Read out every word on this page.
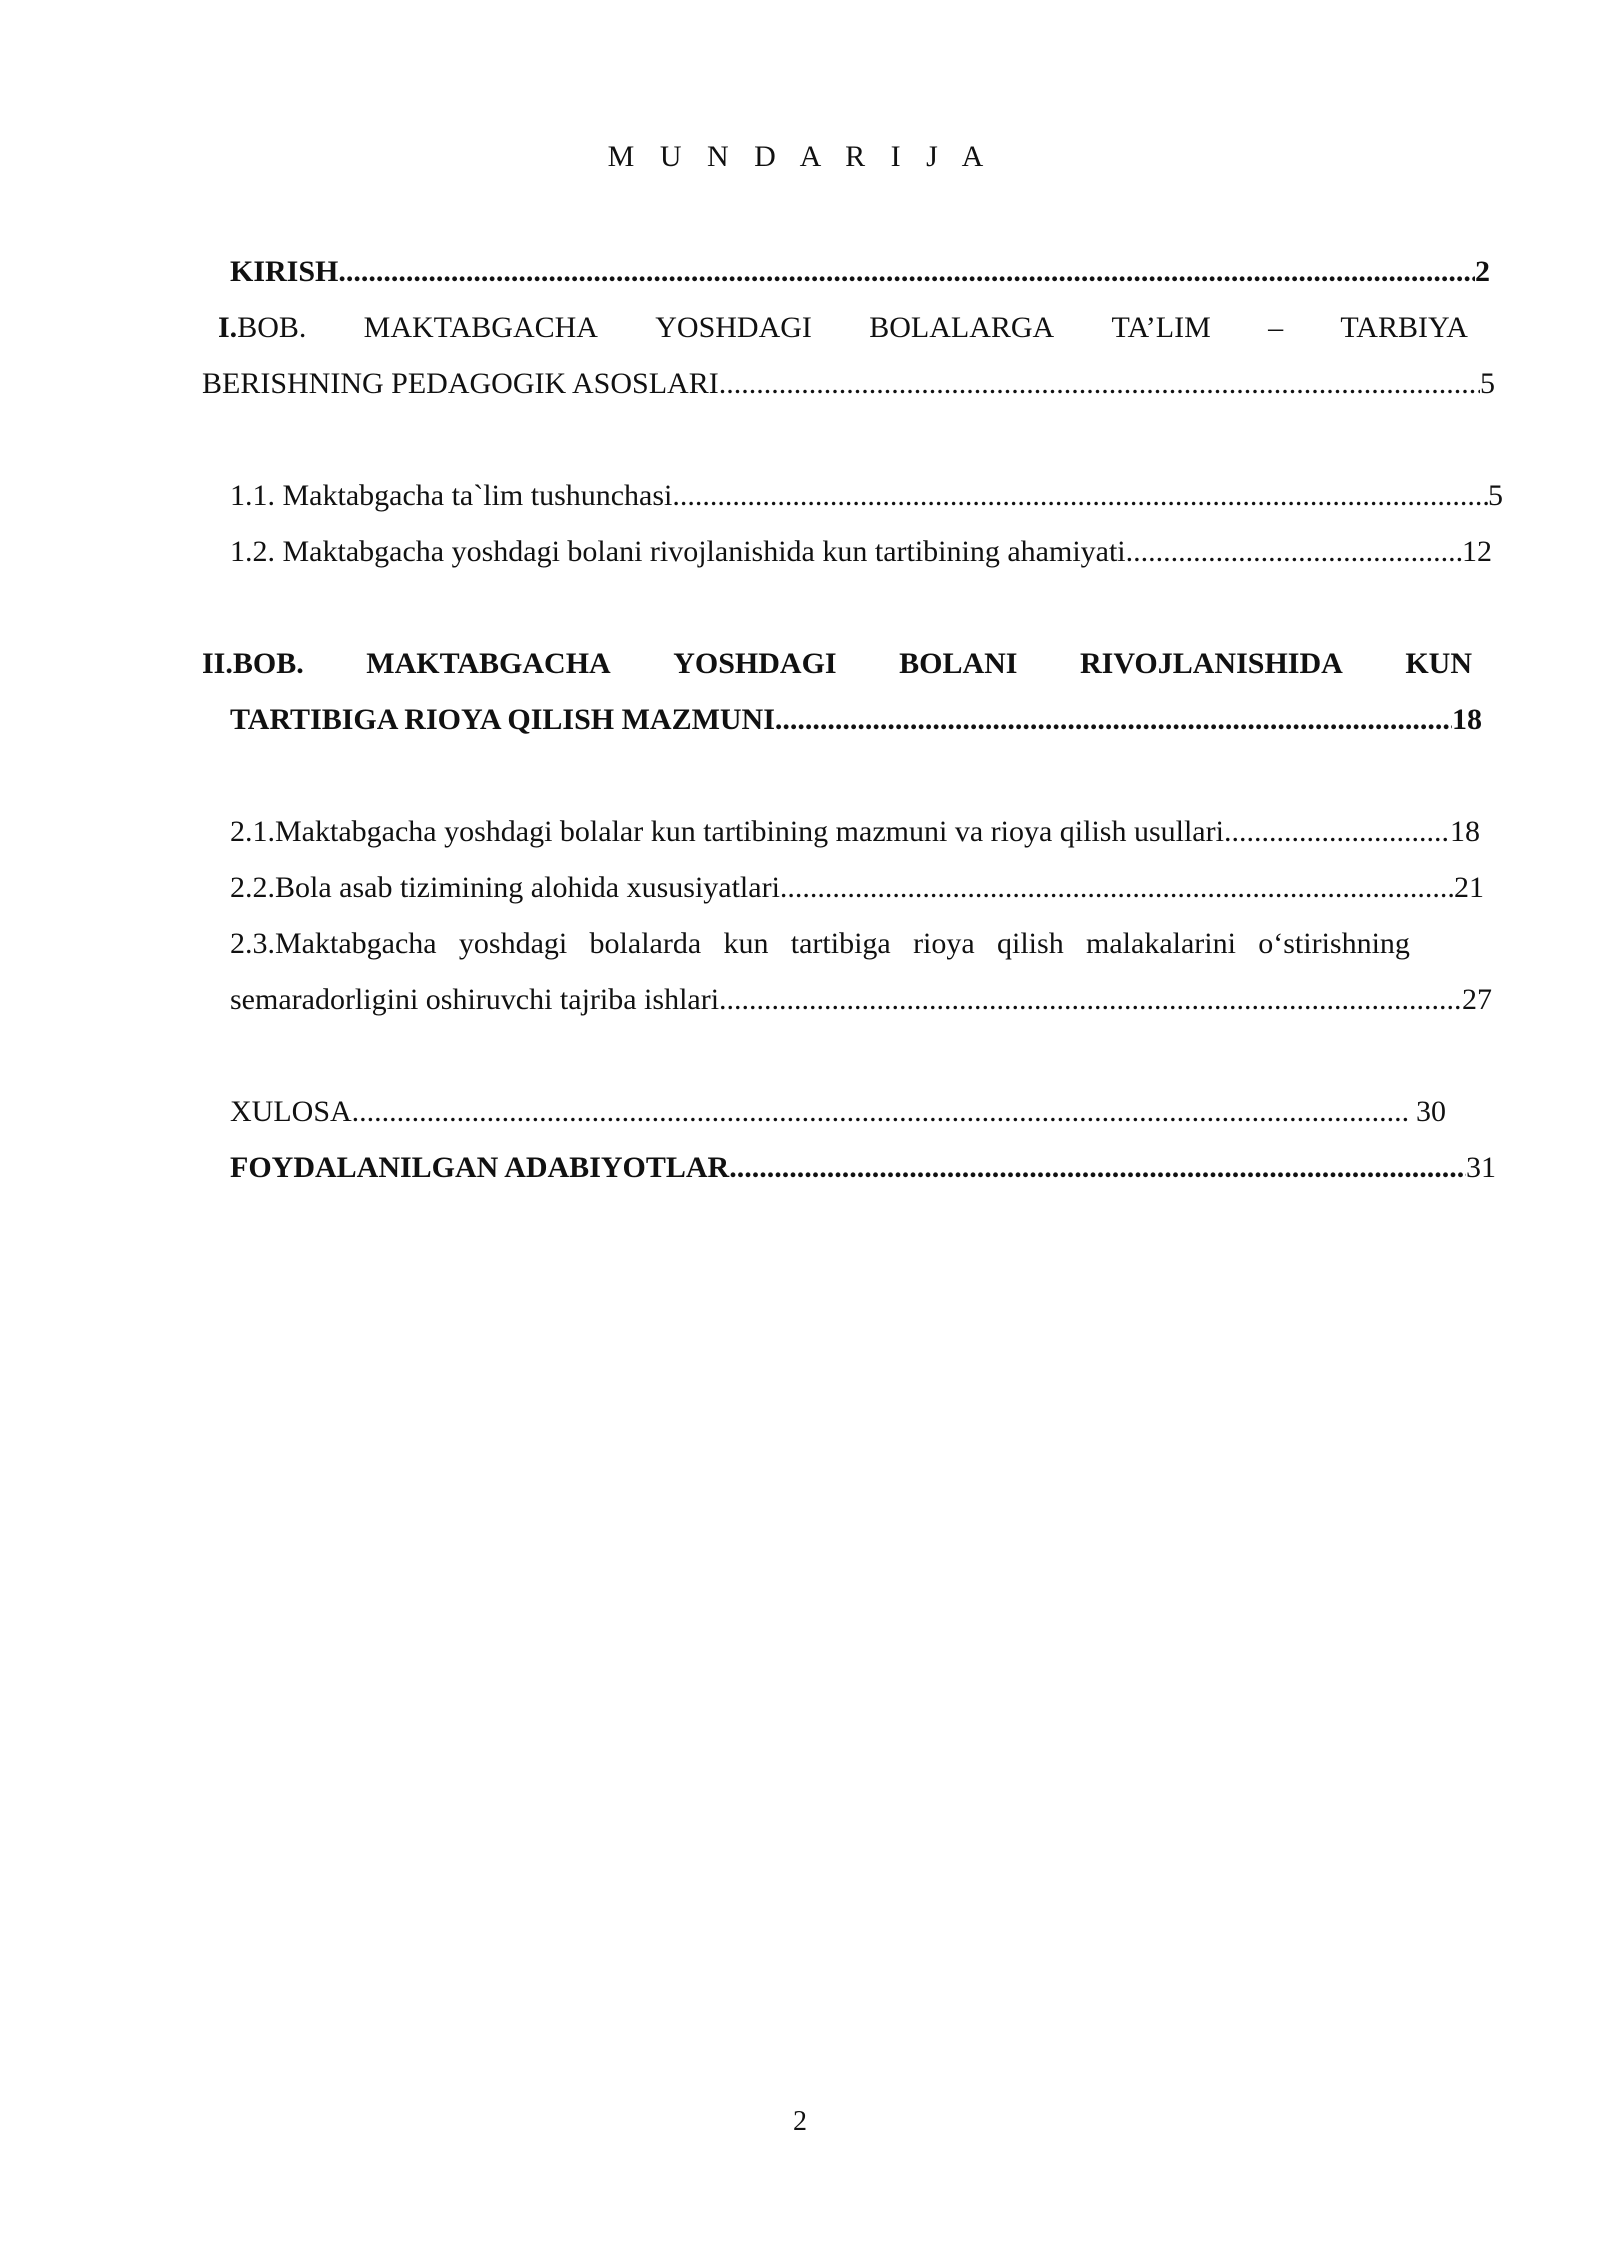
M U N D A R I J A
KIRISH .....	2
I.BOB. MAKTABGACHA YOSHDAGI BOLALARGA TA’LIM – TARBIYA
BERISHNING PEDAGOGIK ASOSLARI .....	5
1.1. Maktabgacha ta`lim tushunchasi .....	5
1.2. Maktabgacha yoshdagi bolani rivojlanishida kun tartibining ahamiyati .....	12
II.BOB. MAKTABGACHA YOSHDAGI BOLANI RIVOJLANISHIDA KUN
TARTIBIGA RIOYA QILISH MAZMUNI .....	18
2.1.Maktabgacha yoshdagi bolalar kun tartibining mazmuni va rioya qilish usullari .....	18
2.2.Bola asab tizimining alohida xususiyatlari .....	21
2.3.Maktabgacha yoshdagi bolalarda kun tartibiga rioya qilish malakalarini o‘stirishning
semaradorligini oshiruvchi tajriba ishlari .....	27
XULOSA .....	30
FOYDALANILGAN ADABIYOTLAR .....	31
2
